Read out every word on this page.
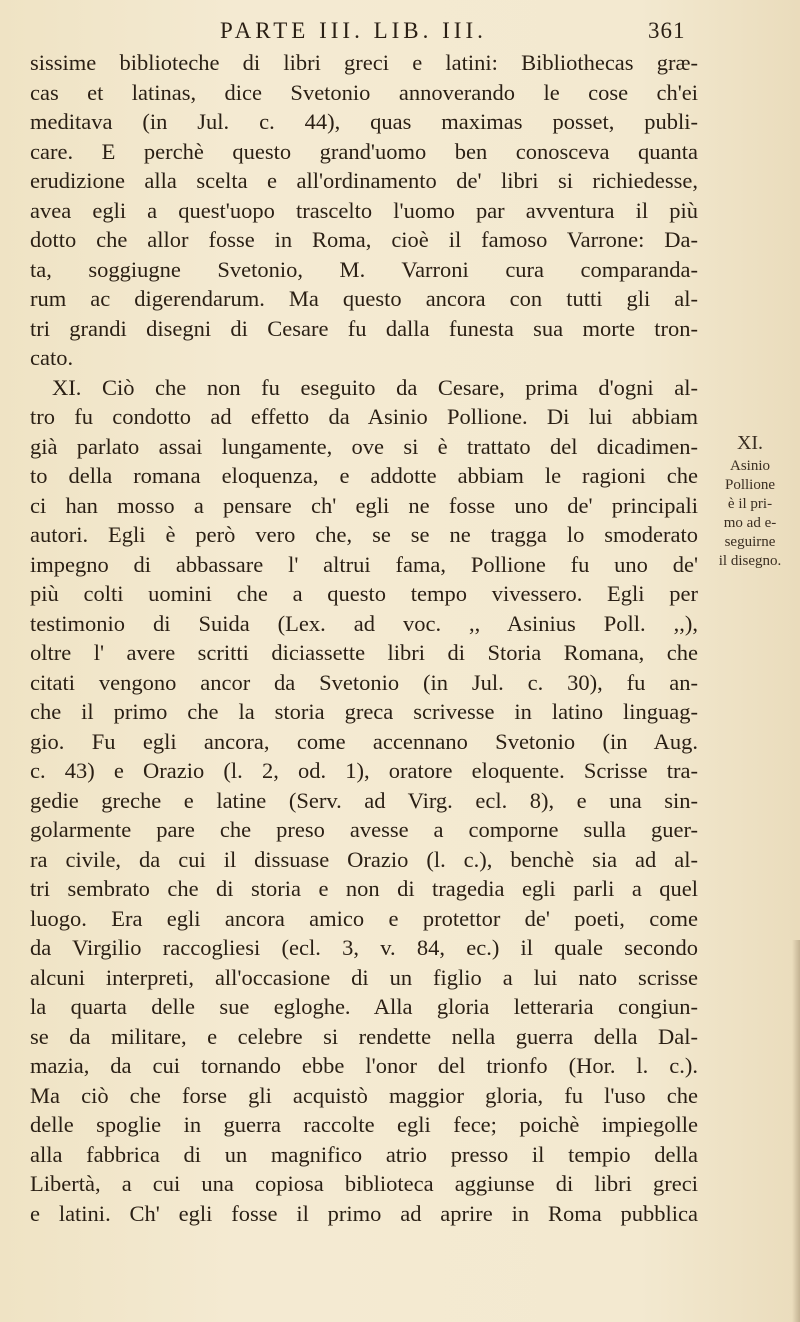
PARTE III. LIB. III.	361
sissime biblioteche di libri greci e latini: Bibliothecas græ-
cas et latinas, dice Svetonio annoverando le cose ch'ei
meditava (in Jul. c. 44), quas maximas posset, publi-
care. E perchè questo grand'uomo ben conosceva quanta
erudizione alla scelta e all'ordinamento de' libri si richiedesse,
avea egli a quest'uopo trascelto l'uomo par avventura il più
dotto che allor fosse in Roma, cioè il famoso Varrone: Da-
ta, soggiugne Svetonio, M. Varroni cura comparanda-
rum ac digerendarum. Ma questo ancora con tutti gli al-
tri grandi disegni di Cesare fu dalla funesta sua morte tron-
cato.
XI. Ciò che non fu eseguito da Cesare, prima d'ogni al-
tro fu condotto ad effetto da Asinio Pollione. Di lui abbiam
già parlato assai lungamente, ove si è trattato del dicadimen-
to della romana eloquenza, e addotte abbiam le ragioni che
ci han mosso a pensare ch' egli ne fosse uno de' principali
autori. Egli è però vero che, se se ne tragga lo smoderato
impegno di abbassare l' altrui fama, Pollione fu uno de'
più colti uomini che a questo tempo vivessero. Egli per
testimonio di Suida (Lex. ad voc. ,, Asinius Poll. ,,),
oltre l' avere scritti diciassette libri di Storia Romana, che
citati vengono ancor da Svetonio (in Jul. c. 30), fu an-
che il primo che la storia greca scrivesse in latino linguag-
gio. Fu egli ancora, come accennano Svetonio (in Aug.
c. 43) e Orazio (l. 2, od. 1), oratore eloquente. Scrisse tra-
gedie greche e latine (Serv. ad Virg. ecl. 8), e una sin-
golarmente pare che preso avesse a comporne sulla guer-
ra civile, da cui il dissuase Orazio (l. c.), benchè sia ad al-
tri sembrato che di storia e non di tragedia egli parli a quel
luogo. Era egli ancora amico e protettor de' poeti, come
da Virgilio raccogliesi (ecl. 3, v. 84, ec.) il quale secondo
alcuni interpreti, all'occasione di un figlio a lui nato scrisse
la quarta delle sue egloghe. Alla gloria letteraria congiun-
se da militare, e celebre si rendette nella guerra della Dal-
mazia, da cui tornando ebbe l'onor del trionfo (Hor. l. c.).
Ma ciò che forse gli acquistò maggior gloria, fu l'uso che
delle spoglie in guerra raccolte egli fece; poichè impiegolle
alla fabbrica di un magnifico atrio presso il tempio della
Libertà, a cui una copiosa biblioteca aggiunse di libri greci
e latini. Ch' egli fosse il primo ad aprire in Roma pubblica
XI.
Asinio
Pollione
è il pri-
mo ad e-
seguirne
il disegno.
